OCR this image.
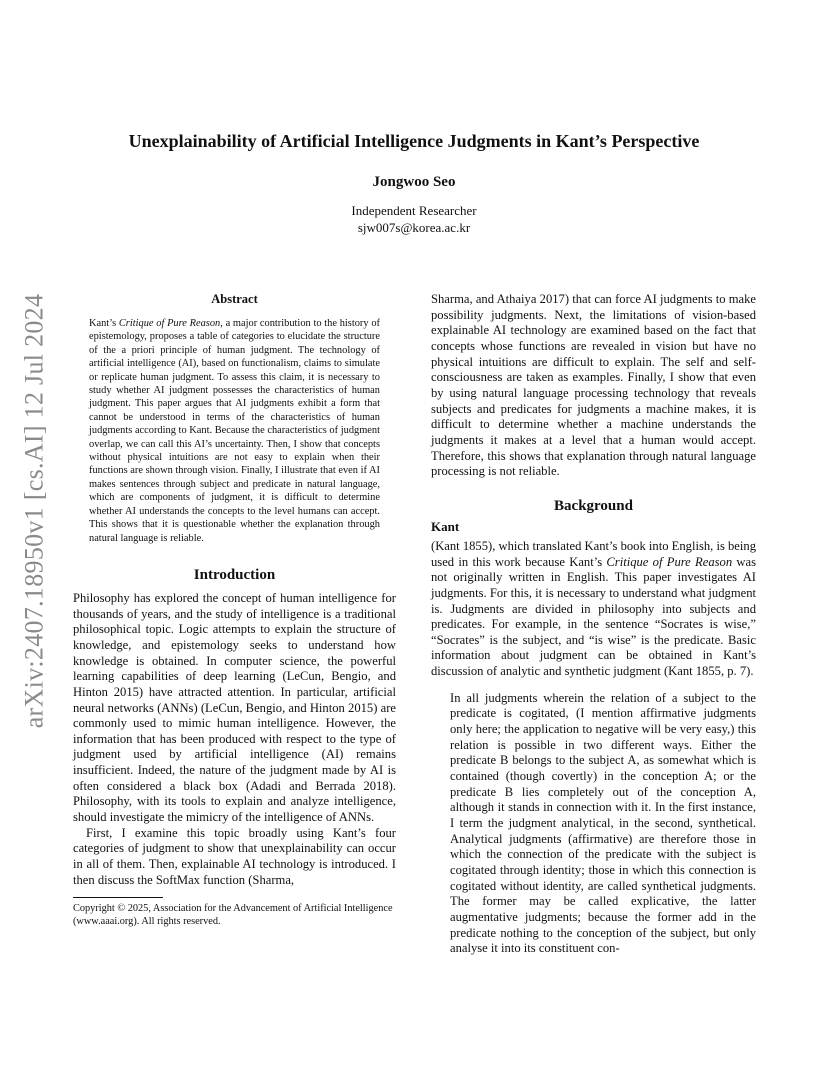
arXiv:2407.18950v1 [cs.AI] 12 Jul 2024
Unexplainability of Artificial Intelligence Judgments in Kant’s Perspective
Jongwoo Seo
Independent Researcher
sjw007s@korea.ac.kr
Abstract
Kant’s Critique of Pure Reason, a major contribution to the history of epistemology, proposes a table of categories to elucidate the structure of the a priori principle of human judgment. The technology of artificial intelligence (AI), based on functionalism, claims to simulate or replicate human judgment. To assess this claim, it is necessary to study whether AI judgment possesses the characteristics of human judgment. This paper argues that AI judgments exhibit a form that cannot be understood in terms of the characteristics of human judgments according to Kant. Because the characteristics of judgment overlap, we can call this AI’s uncertainty. Then, I show that concepts without physical intuitions are not easy to explain when their functions are shown through vision. Finally, I illustrate that even if AI makes sentences through subject and predicate in natural language, which are components of judgment, it is difficult to determine whether AI understands the concepts to the level humans can accept. This shows that it is questionable whether the explanation through natural language is reliable.
Introduction

Philosophy has explored the concept of human intelligence for thousands of years, and the study of intelligence is a traditional philosophical topic. Logic attempts to explain the structure of knowledge, and epistemology seeks to understand how knowledge is obtained. In computer science, the powerful learning capabilities of deep learning (LeCun, Bengio, and Hinton 2015) have attracted attention. In particular, artificial neural networks (ANNs) (LeCun, Bengio, and Hinton 2015) are commonly used to mimic human intelligence. However, the information that has been produced with respect to the type of judgment used by artificial intelligence (AI) remains insufficient. Indeed, the nature of the judgment made by AI is often considered a black box (Adadi and Berrada 2018). Philosophy, with its tools to explain and analyze intelligence, should investigate the mimicry of the intelligence of ANNs.

First, I examine this topic broadly using Kant’s four categories of judgment to show that unexplainability can occur in all of them. Then, explainable AI technology is introduced. I then discuss the SoftMax function (Sharma,

Copyright © 2025, Association for the Advancement of Artificial Intelligence (www.aaai.org). All rights reserved.

Sharma, and Athaiya 2017) that can force AI judgments to make possibility judgments. Next, the limitations of vision-based explainable AI technology are examined based on the fact that concepts whose functions are revealed in vision but have no physical intuitions are difficult to explain. The self and self-consciousness are taken as examples. Finally, I show that even by using natural language processing technology that reveals subjects and predicates for judgments a machine makes, it is difficult to determine whether a machine understands the judgments it makes at a level that a human would accept. Therefore, this shows that explanation through natural language processing is not reliable.

Background
Kant

(Kant 1855), which translated Kant’s book into English, is being used in this work because Kant’s Critique of Pure Reason was not originally written in English. This paper investigates AI judgments. For this, it is necessary to understand what judgment is. Judgments are divided in philosophy into subjects and predicates. For example, in the sentence “Socrates is wise,” “Socrates” is the subject, and “is wise” is the predicate. Basic information about judgment can be obtained in Kant’s discussion of analytic and synthetic judgment (Kant 1855, p. 7).

In all judgments wherein the relation of a subject to the predicate is cogitated, (I mention affirmative judgments only here; the application to negative will be very easy,) this relation is possible in two different ways. Either the predicate B belongs to the subject A, as somewhat which is contained (though covertly) in the conception A; or the predicate B lies completely out of the conception A, although it stands in connection with it. In the first instance, I term the judgment analytical, in the second, synthetical. Analytical judgments (affirmative) are therefore those in which the connection of the predicate with the subject is cogitated through identity; those in which this connection is cogitated without identity, are called synthetical judgments. The former may be called explicative, the latter augmentative judgments; because the former add in the predicate nothing to the conception of the subject, but only analyse it into its constituent con-
